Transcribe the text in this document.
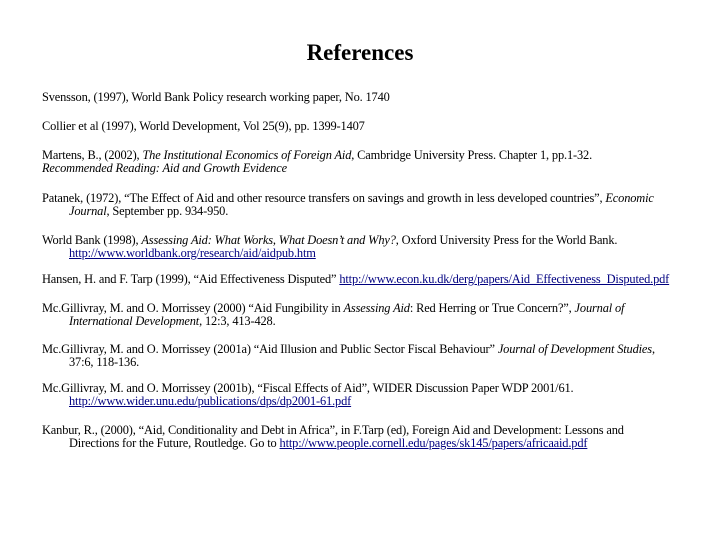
References

Svensson, (1997), World Bank Policy research working paper, No. 1740

Collier et al (1997), World Development, Vol 25(9), pp. 1399-1407

Martens, B., (2002), The Institutional Economics of Foreign Aid, Cambridge University Press. Chapter 1, pp.1-32.
Recommended Reading: Aid and Growth Evidence

Patanek, (1972), “The Effect of Aid and other resource transfers on savings and growth in less developed countries”, Economic
Journal, September pp. 934-950.

World Bank (1998), Assessing Aid: What Works, What Doesn’t and Why?, Oxford University Press for the World Bank.
http://www.worldbank.org/research/aid/aidpub.htm

Hansen, H. and F. Tarp (1999), “Aid Effectiveness Disputed” http://www.econ.ku.dk/derg/papers/Aid_Effectiveness_Disputed.pdf

Mc.Gillivray, M. and O. Morrissey (2000) “Aid Fungibility in Assessing Aid: Red Herring or True Concern?”, Journal of
International Development, 12:3, 413-428.

Mc.Gillivray, M. and O. Morrissey (2001a) “Aid Illusion and Public Sector Fiscal Behaviour” Journal of Development Studies,
37:6, 118-136.

Mc.Gillivray, M. and O. Morrissey (2001b), “Fiscal Effects of Aid”, WIDER Discussion Paper WDP 2001/61.
http://www.wider.unu.edu/publications/dps/dp2001-61.pdf

Kanbur, R., (2000), “Aid, Conditionality and Debt in Africa”, in F.Tarp (ed), Foreign Aid and Development: Lessons and
Directions for the Future, Routledge. Go to http://www.people.cornell.edu/pages/sk145/papers/africaaid.pdf
